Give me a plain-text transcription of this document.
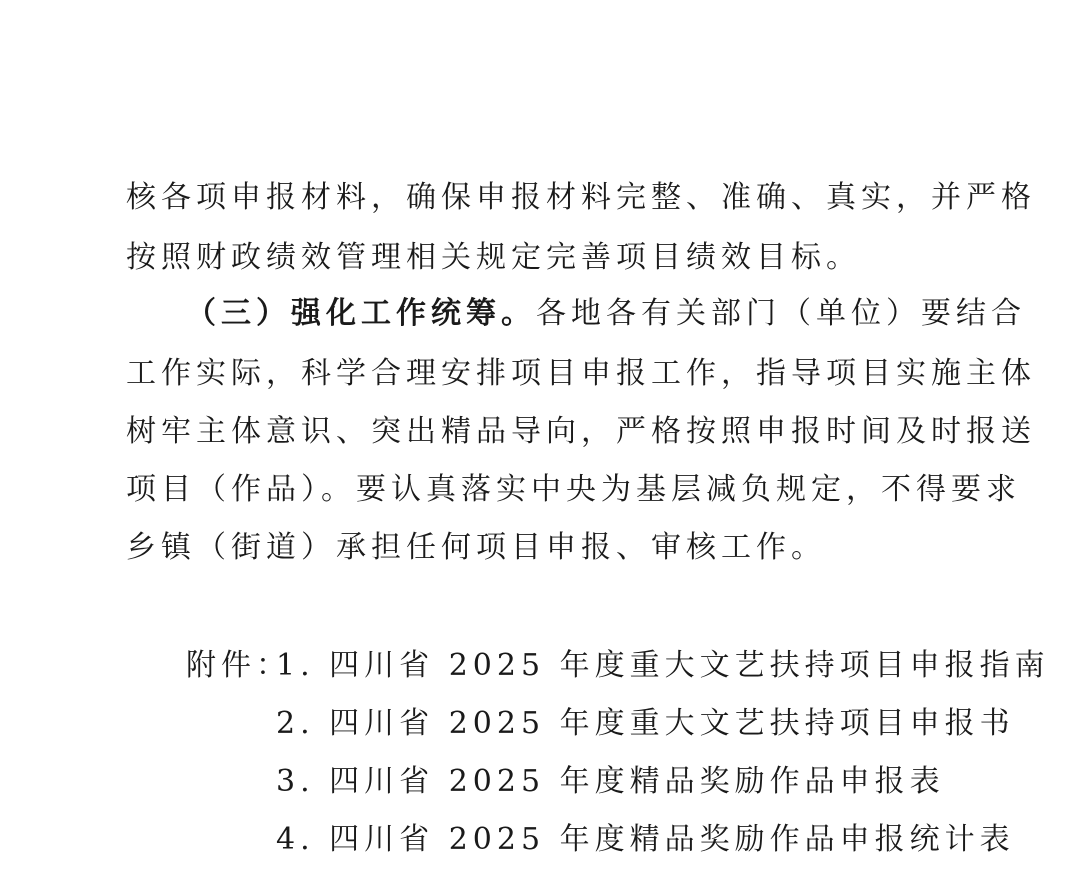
核各项申报材料，确保申报材料完整、准确、真实，并严格
按照财政绩效管理相关规定完善项目绩效目标。
（三）强化工作统筹。各地各有关部门（单位）要结合
工作实际，科学合理安排项目申报工作，指导项目实施主体
树牢主体意识、突出精品导向，严格按照申报时间及时报送
项目（作品）。要认真落实中央为基层减负规定，不得要求
乡镇（街道）承担任何项目申报、审核工作。
附件：
1. 四川省 2025 年度重大文艺扶持项目申报指南
2. 四川省 2025 年度重大文艺扶持项目申报书
3. 四川省 2025 年度精品奖励作品申报表
4. 四川省 2025 年度精品奖励作品申报统计表
